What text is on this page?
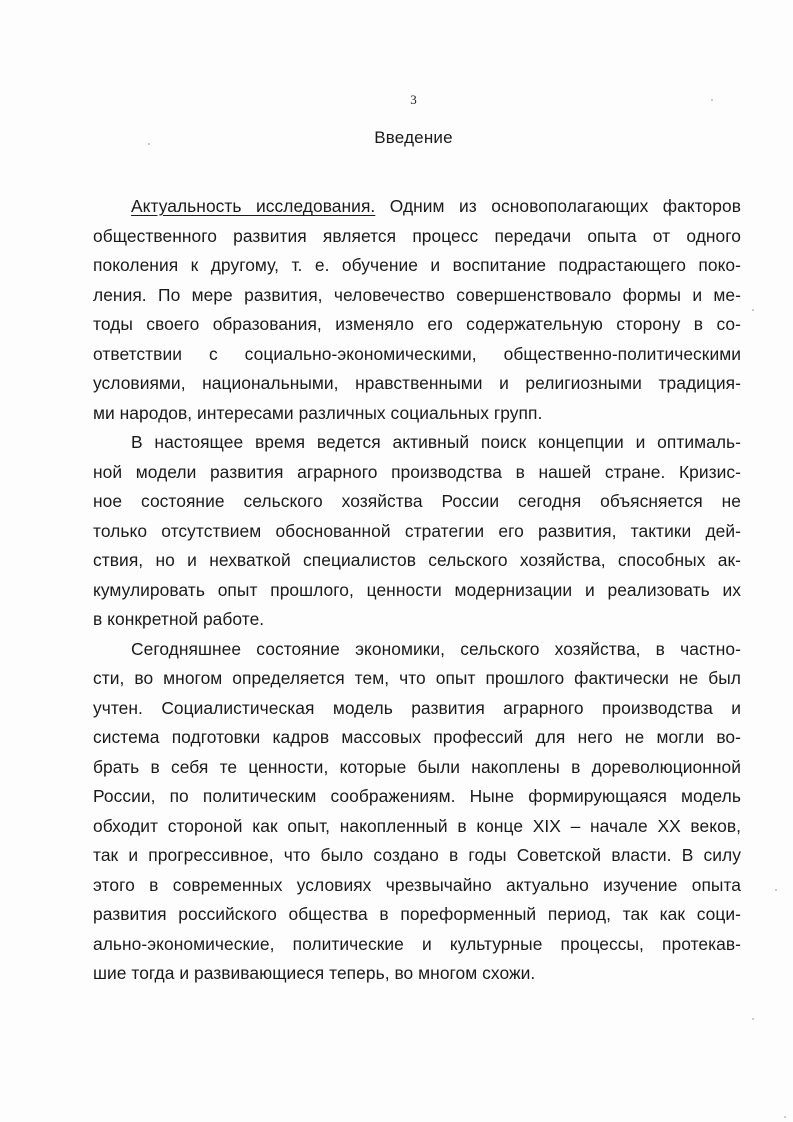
3
Введение
Актуальность исследования. Одним из основополагающих факторов
общественного развития является процесс передачи опыта от одного
поколения к другому, т. е. обучение и воспитание подрастающего поко-
ления. По мере развития, человечество совершенствовало формы и ме-
тоды своего образования, изменяло его содержательную сторону в со-
ответствии с социально-экономическими, общественно-политическими
условиями, национальными, нравственными и религиозными традиция-
ми народов, интересами различных социальных групп.
В настоящее время ведется активный поиск концепции и оптималь-
ной модели развития аграрного производства в нашей стране. Кризис-
ное состояние сельского хозяйства России сегодня объясняется не
только отсутствием обоснованной стратегии его развития, тактики дей-
ствия, но и нехваткой специалистов сельского хозяйства, способных ак-
кумулировать опыт прошлого, ценности модернизации и реализовать их
в конкретной работе.
Сегодняшнее состояние экономики, сельского хозяйства, в частно-
сти, во многом определяется тем, что опыт прошлого фактически не был
учтен. Социалистическая модель развития аграрного производства и
система подготовки кадров массовых профессий для него не могли во-
брать в себя те ценности, которые были накоплены в дореволюционной
России, по политическим соображениям. Ныне формирующаяся модель
обходит стороной как опыт, накопленный в конце XIX – начале XX веков,
так и прогрессивное, что было создано в годы Советской власти. В силу
этого в современных условиях чрезвычайно актуально изучение опыта
развития российского общества в пореформенный период, так как соци-
ально-экономические, политические и культурные процессы, протекав-
шие тогда и развивающиеся теперь, во многом схожи.
